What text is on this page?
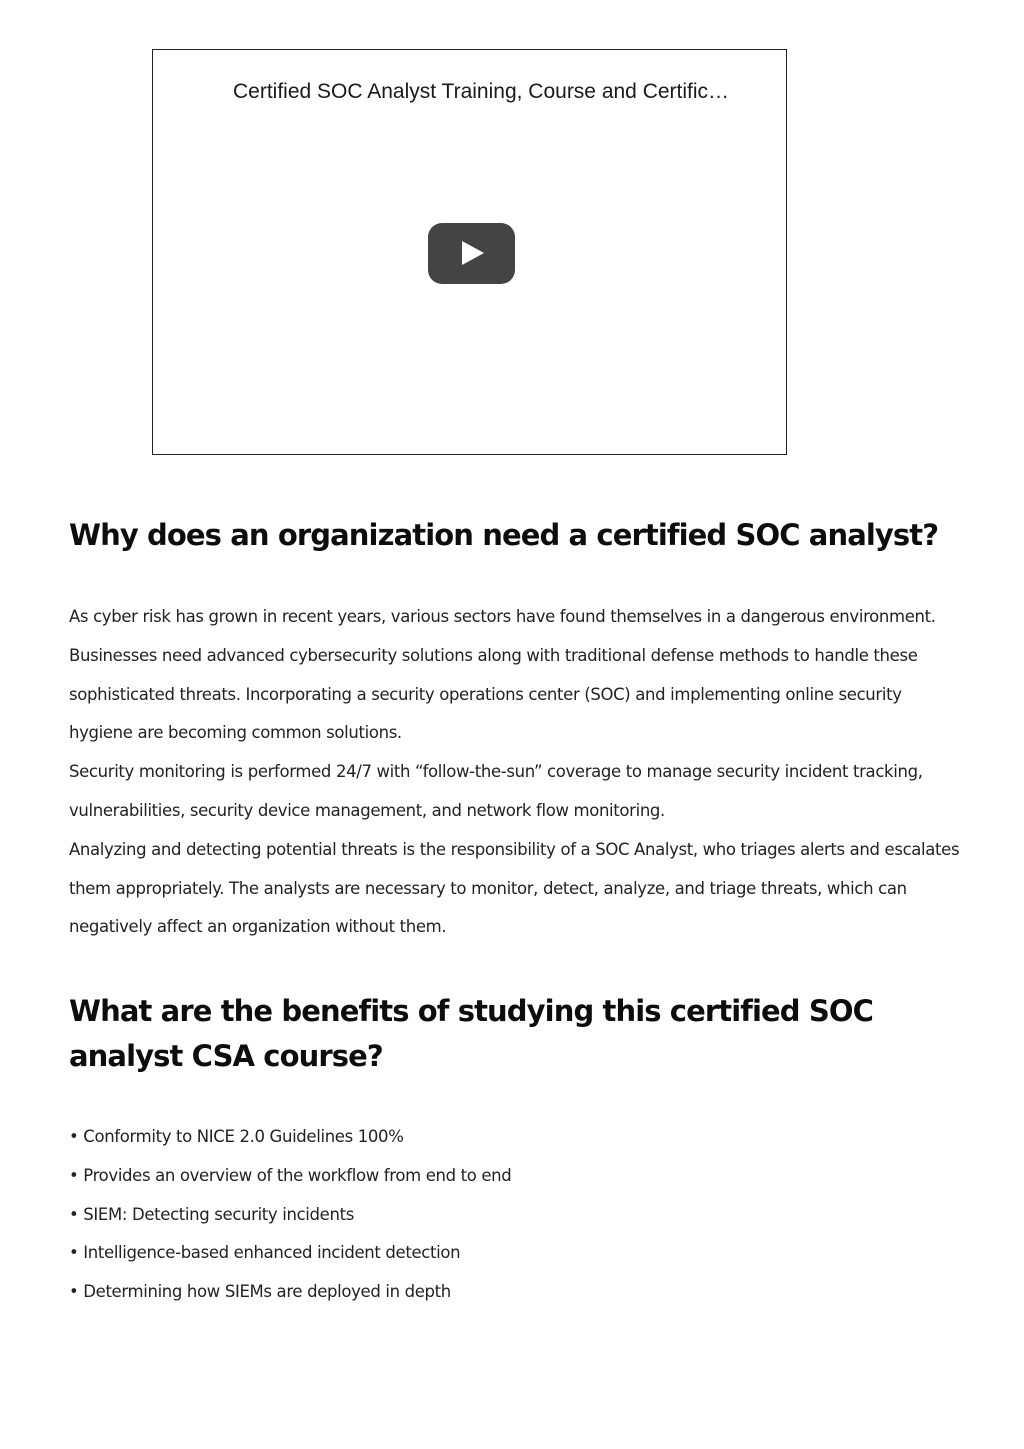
Certified SOC Analyst Training, Course and Certific…
Why does an organization need a certified SOC analyst?

As cyber risk has grown in recent years, various sectors have found themselves in a dangerous environment. Businesses need advanced cybersecurity solutions along with traditional defense methods to handle these sophisticated threats. Incorporating a security operations center (SOC) and implementing online security hygiene are becoming common solutions.

Security monitoring is performed 24/7 with “follow-the-sun” coverage to manage security incident tracking, vulnerabilities, security device management, and network flow monitoring.

Analyzing and detecting potential threats is the responsibility of a SOC Analyst, who triages alerts and escalates them appropriately. The analysts are necessary to monitor, detect, analyze, and triage threats, which can negatively affect an organization without them.

What are the benefits of studying this certified SOC analyst CSA course?
• Conformity to NICE 2.0 Guidelines 100%
• Provides an overview of the workflow from end to end
• SIEM: Detecting security incidents
• Intelligence-based enhanced incident detection
• Determining how SIEMs are deployed in depth
